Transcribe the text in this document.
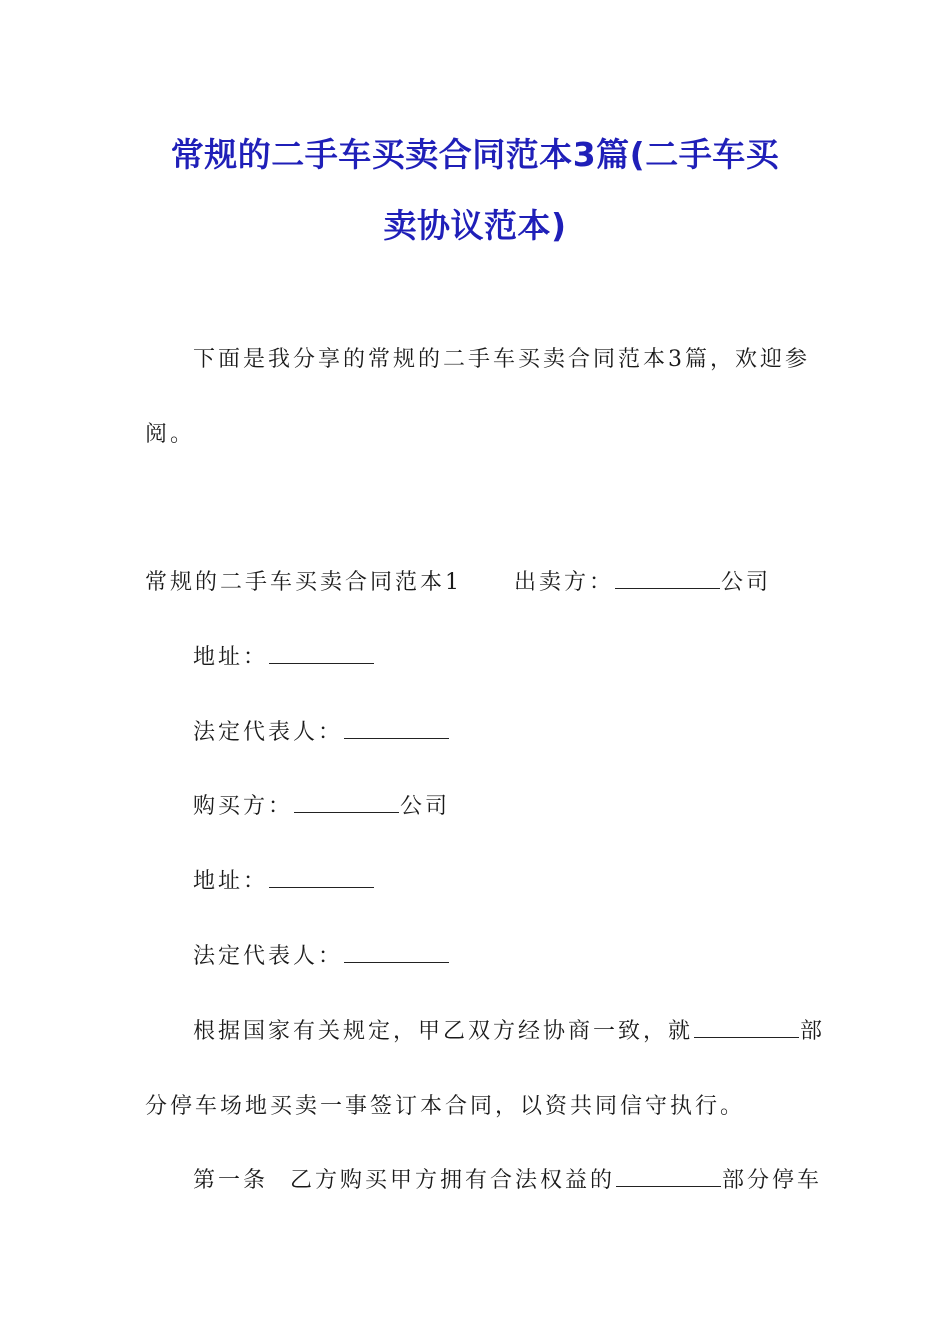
常规的二手车买卖合同范本3篇(二手车买
卖协议范本)

下面是我分享的常规的二手车买卖合同范本3篇，欢迎参

阅。

常规的二手车买卖合同范本1 出卖方：	公司

地址：

法定代表人：

购买方：	公司

地址：

法定代表人：

根据国家有关规定，甲乙双方经协商一致，就	部

分停车场地买卖一事签订本合同，以资共同信守执行。

第一条 乙方购买甲方拥有合法权益的	部分停车
